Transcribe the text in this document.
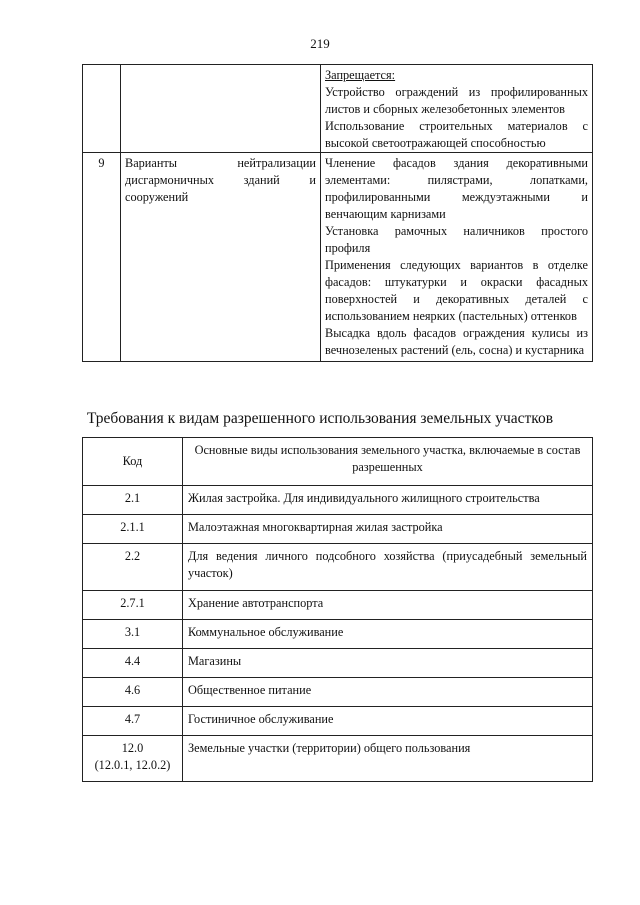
219

		Запрещается:
Устройство ограждений из профилированных листов и сборных железобетонных элементов
Использование строительных материалов с высокой светоотражающей способностью

9	Варианты нейтрализации дисгармоничных зданий и сооружений	Членение фасадов здания декоративными элементами: пилястрами, лопатками, профилированными междуэтажными и венчающим карнизами
Установка рамочных наличников простого профиля
Применения следующих вариантов в отделке фасадов: штукатурки и окраски фасадных поверхностей и декоративных деталей с использованием неярких (пастельных) оттенков
Высадка вдоль фасадов ограждения кулисы из вечнозеленых растений (ель, сосна) и кустарника
Требования к видам разрешенного использования земельных участков
Код	Основные виды использования земельного участка, включаемые в состав разрешенных
2.1	Жилая застройка. Для индивидуального жилищного строительства
2.1.1	Малоэтажная многоквартирная жилая застройка
2.2	Для ведения личного подсобного хозяйства (приусадебный земельный участок)
2.7.1	Хранение автотранспорта
3.1	Коммунальное обслуживание
4.4	Магазины
4.6	Общественное питание
4.7	Гостиничное обслуживание

12.0
(12.0.1, 12.0.2)	Земельные участки (территории) общего пользования
